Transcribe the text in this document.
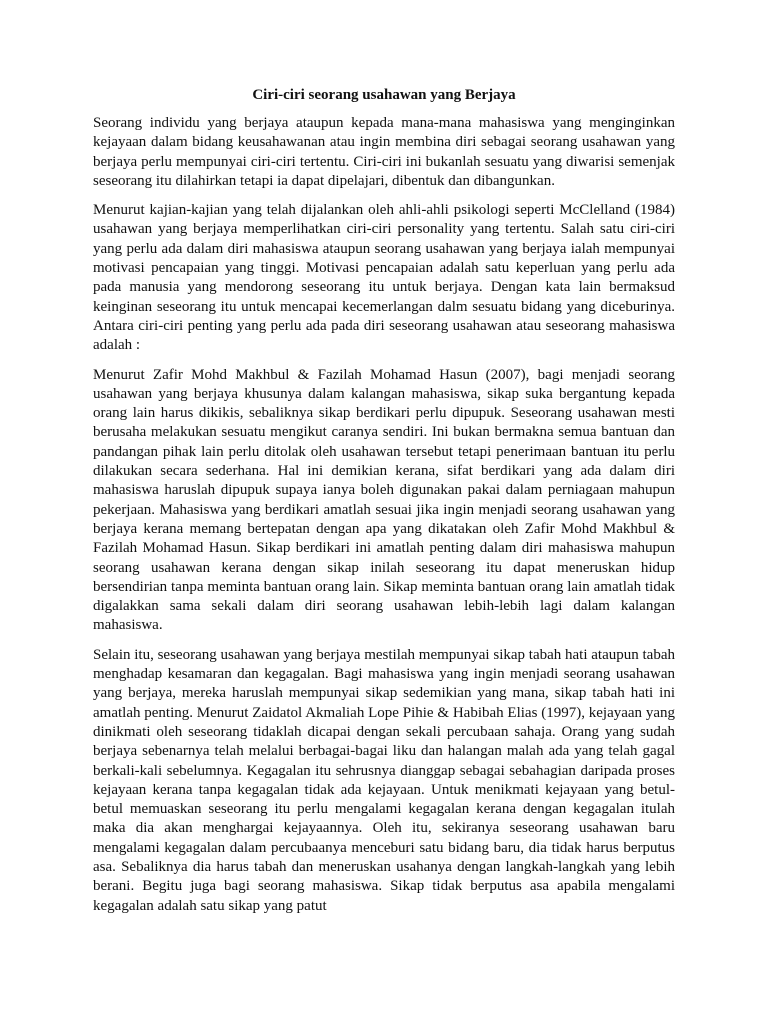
Ciri-ciri seorang usahawan yang Berjaya

Seorang individu yang berjaya ataupun kepada mana-mana mahasiswa yang menginginkan kejayaan dalam bidang keusahawanan atau ingin membina diri sebagai seorang usahawan yang berjaya perlu mempunyai ciri-ciri tertentu. Ciri-ciri ini bukanlah sesuatu yang diwarisi semenjak seseorang itu dilahirkan tetapi ia dapat dipelajari, dibentuk dan dibangunkan.

Menurut kajian-kajian yang telah dijalankan oleh ahli-ahli psikologi seperti McClelland (1984) usahawan yang berjaya memperlihatkan ciri-ciri personality yang tertentu. Salah satu ciri-ciri yang perlu ada dalam diri mahasiswa ataupun seorang usahawan yang berjaya ialah mempunyai motivasi pencapaian yang tinggi. Motivasi pencapaian adalah satu keperluan yang perlu ada pada manusia yang mendorong seseorang itu untuk berjaya. Dengan kata lain bermaksud keinginan seseorang itu untuk mencapai kecemerlangan dalm sesuatu bidang yang diceburinya. Antara ciri-ciri penting yang perlu ada pada diri seseorang usahawan atau seseorang mahasiswa adalah :

Menurut Zafir Mohd Makhbul & Fazilah Mohamad Hasun (2007), bagi menjadi seorang usahawan yang berjaya khusunya dalam kalangan mahasiswa, sikap suka bergantung kepada orang lain harus dikikis, sebaliknya sikap berdikari perlu dipupuk. Seseorang usahawan mesti berusaha melakukan sesuatu mengikut caranya sendiri. Ini bukan bermakna semua bantuan dan pandangan pihak lain perlu ditolak oleh usahawan tersebut tetapi penerimaan bantuan itu perlu dilakukan secara sederhana. Hal ini demikian kerana, sifat berdikari yang ada dalam diri mahasiswa haruslah dipupuk supaya ianya boleh digunakan pakai dalam perniagaan mahupun pekerjaan. Mahasiswa yang berdikari amatlah sesuai jika ingin menjadi seorang usahawan yang berjaya kerana memang bertepatan dengan apa yang dikatakan oleh Zafir Mohd Makhbul & Fazilah Mohamad Hasun. Sikap berdikari ini amatlah penting dalam diri mahasiswa mahupun seorang usahawan kerana dengan sikap inilah seseorang itu dapat meneruskan hidup bersendirian tanpa meminta bantuan orang lain. Sikap meminta bantuan orang lain amatlah tidak digalakkan sama sekali dalam diri seorang usahawan lebih-lebih lagi dalam kalangan mahasiswa.

Selain itu, seseorang usahawan yang berjaya mestilah mempunyai sikap tabah hati ataupun tabah menghadap kesamaran dan kegagalan. Bagi mahasiswa yang ingin menjadi seorang usahawan yang berjaya, mereka haruslah mempunyai sikap sedemikian yang mana, sikap tabah hati ini amatlah penting. Menurut Zaidatol Akmaliah Lope Pihie & Habibah Elias (1997), kejayaan yang dinikmati oleh seseorang tidaklah dicapai dengan sekali percubaan sahaja. Orang yang sudah berjaya sebenarnya telah melalui berbagai-bagai liku dan halangan malah ada yang telah gagal berkali-kali sebelumnya. Kegagalan itu sehrusnya dianggap sebagai sebahagian daripada proses kejayaan kerana tanpa kegagalan tidak ada kejayaan. Untuk menikmati kejayaan yang betul-betul memuaskan seseorang itu perlu mengalami kegagalan kerana dengan kegagalan itulah maka dia akan menghargai kejayaannya. Oleh itu, sekiranya seseorang usahawan baru mengalami kegagalan dalam percubaanya menceburi satu bidang baru, dia tidak harus berputus asa. Sebaliknya dia harus tabah dan meneruskan usahanya dengan langkah-langkah yang lebih berani. Begitu juga bagi seorang mahasiswa. Sikap tidak berputus asa apabila mengalami kegagalan adalah satu sikap yang patut
